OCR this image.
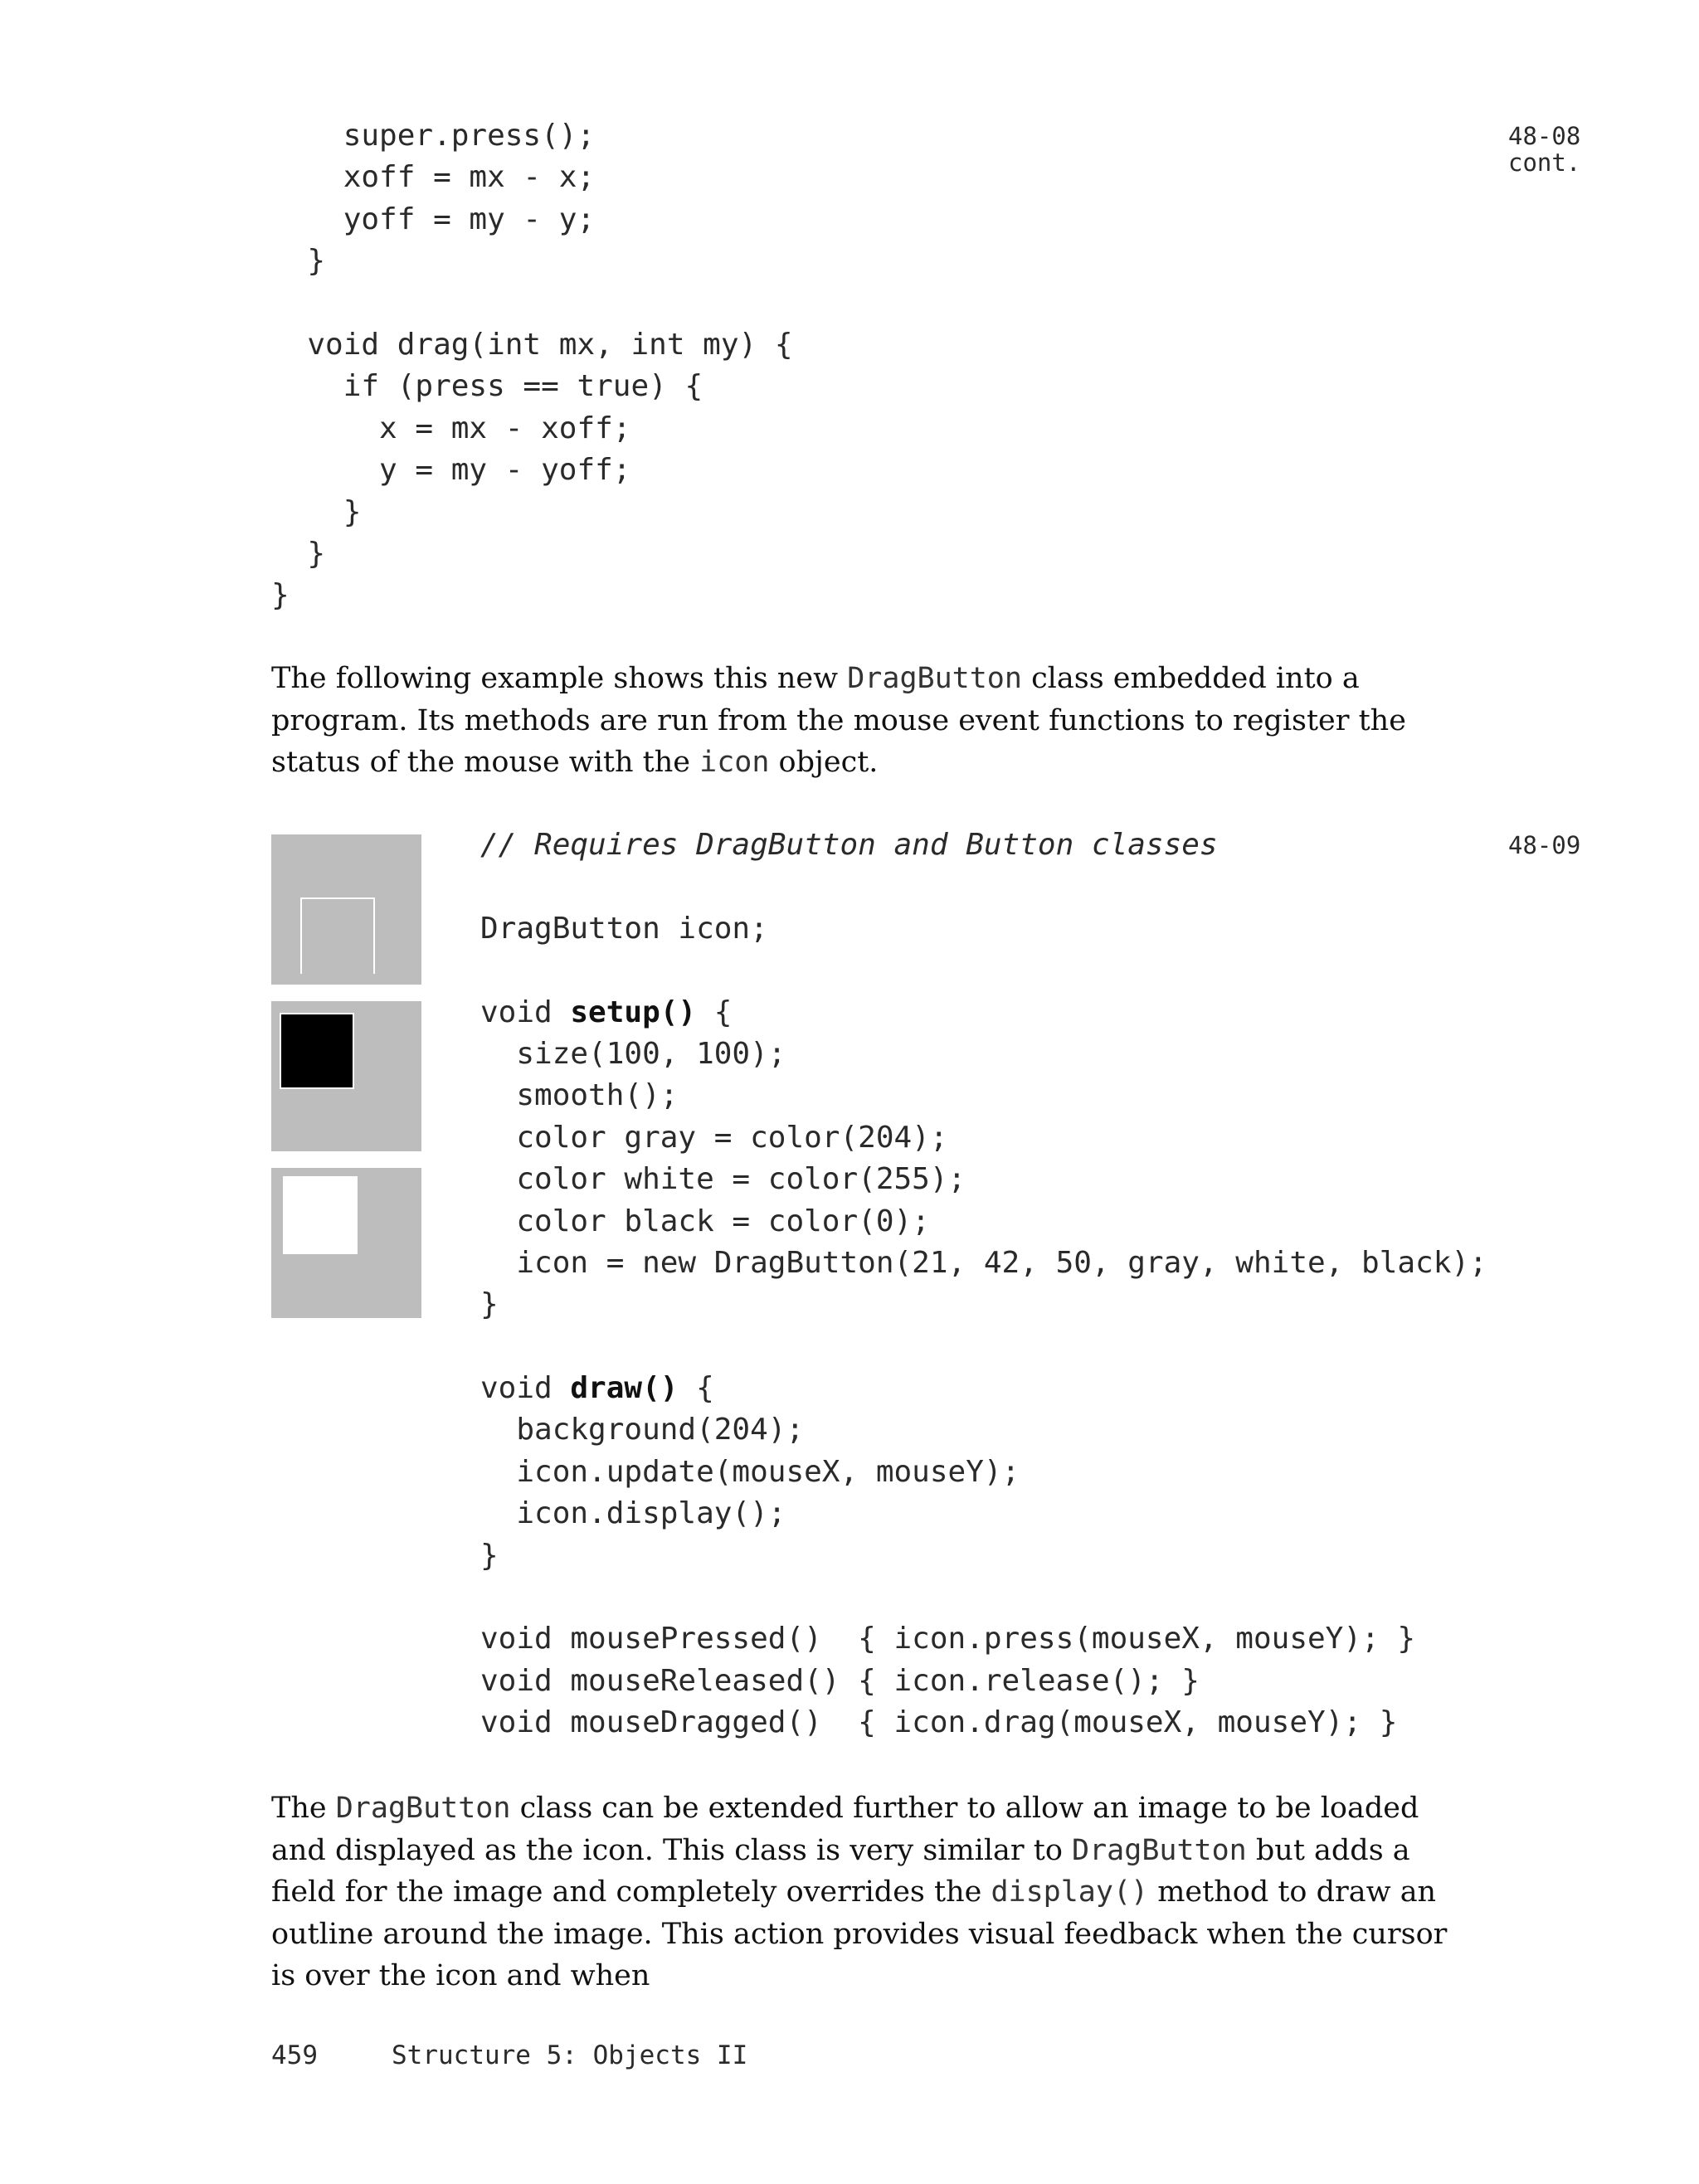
super.press();
xoff = mx - x;
yoff = my - y;
}
void drag(int mx, int my) {
if (press == true) {
x = mx - xoff;
y = my - yoff;
}
}
}
48-08
cont.

The following example shows this new DragButton class embedded into a program. Its methods are run from the mouse event functions to register the status of the mouse with the icon object.

48-09
// Requires DragButton and Button classes
DragButton icon;
void setup() {
size(100, 100);
smooth();
color gray = color(204);
color white = color(255);
color black = color(0);
icon = new DragButton(21, 42, 50, gray, white, black);
}
void draw() {
background(204);
icon.update(mouseX, mouseY);
icon.display();
}
void mousePressed()  { icon.press(mouseX, mouseY); }
void mouseReleased() { icon.release(); }
void mouseDragged()  { icon.drag(mouseX, mouseY); }

The DragButton class can be extended further to allow an image to be loaded and displayed as the icon. This class is very similar to DragButton but adds a field for the image and completely overrides the display() method to draw an outline around the image. This action provides visual feedback when the cursor is over the icon and when

459	Structure 5: Objects II
